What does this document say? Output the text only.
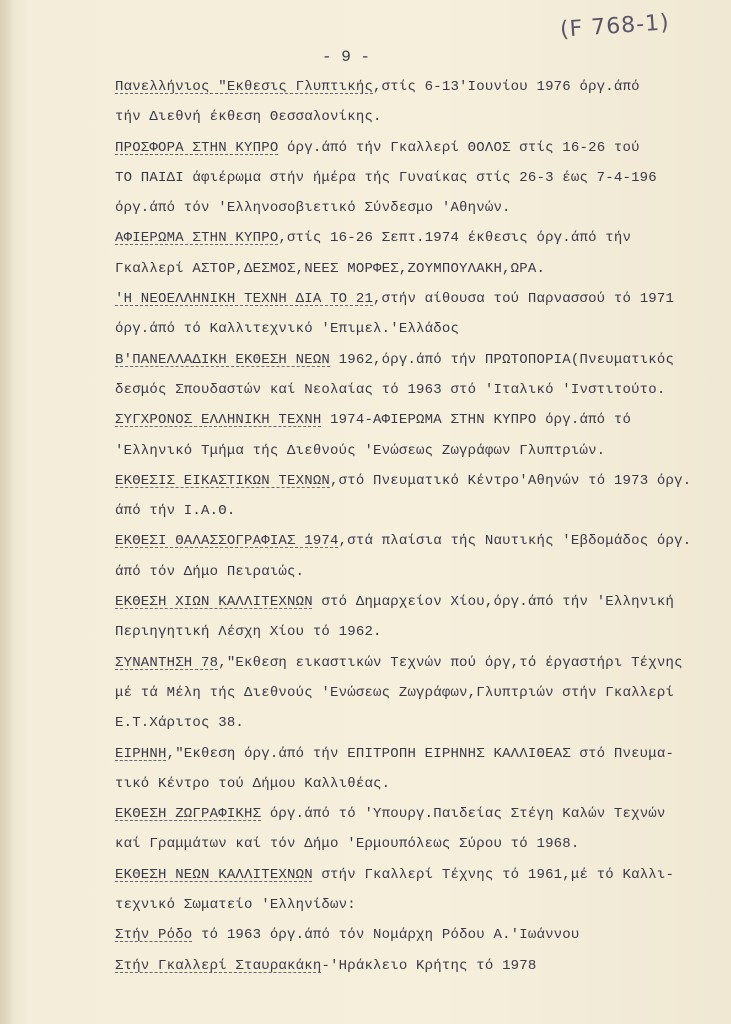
(F 768-1)
- 9 -
Πανελλήνιος "Εκθεσις Γλυπτικής,στίς 6-13'Ιουνίου 1976 όργ.άπό
τήν Διεθνή έκθεση Θεσσαλονίκης.
ΠΡΟΣΦΟΡΑ ΣΤΗΝ ΚΥΠΡΟ όργ.άπό τήν Γκαλλερί ΘΟΛΟΣ στίς 16-26 τού
ΤΟ ΠΑΙΔΙ άφιέρωμα στήν ήμέρα τής Γυναίκας στίς 26-3 έως 7-4-196
όργ.άπό τόν 'Ελληνοσοβιετικό Σύνδεσμο 'Αθηνών.
ΑΦΙΕΡΩΜΑ ΣΤΗΝ ΚΥΠΡΟ,στίς 16-26 Σεπτ.1974 έκθεσις όργ.άπό τήν
Γκαλλερί ΑΣΤΟΡ,ΔΕΣΜΟΣ,ΝΕΕΣ ΜΟΡΦΕΣ,ΖΟΥΜΠΟΥΛΑΚΗ,ΩΡΑ.
'Η ΝΕΟΕΛΛΗΝΙΚΗ ΤΕΧΝΗ ΔΙΑ ΤΟ 21,στήν αίθουσα τού Παρνασσού τό 1971
όργ.άπό τό Καλλιτεχνικό 'Επιμελ.'Ελλάδος
Β'ΠΑΝΕΛΛΑΔΙΚΗ ΕΚΘΕΣΗ ΝΕΩΝ 1962,όργ.άπό τήν ΠΡΩΤΟΠΟΡΙΑ(Πνευματικός
δεσμός Σπουδαστών καί Νεολαίας τό 1963 στό 'Ιταλικό 'Ινστιτούτο.
ΣΥΓΧΡΟΝΟΣ ΕΛΛΗΝΙΚΗ ΤΕΧΝΗ 1974-ΑΦΙΕΡΩΜΑ ΣΤΗΝ ΚΥΠΡΟ όργ.άπό τό
'Ελληνικό Τμήμα τής Διεθνούς 'Ενώσεως Ζωγράφων Γλυπτριών.
ΕΚΘΕΣΙΣ ΕΙΚΑΣΤΙΚΩΝ ΤΕΧΝΩΝ,στό Πνευματικό Κέντρο'Αθηνών τό 1973 όργ.
άπό τήν Ι.Α.Θ.
ΕΚΘΕΣΙ ΘΑΛΑΣΣΟΓΡΑΦΙΑΣ 1974,στά πλαίσια τής Ναυτικής 'Εβδομάδος όργ.
άπό τόν Δήμο Πειραιώς.
ΕΚΘΕΣΗ ΧΙΩΝ ΚΑΛΛΙΤΕΧΝΩΝ στό Δημαρχείον Χίου,όργ.άπό τήν 'Ελληνική
Περιηγητική Λέσχη Χίου τό 1962.
ΣΥΝΑΝΤΗΣΗ 78,"Εκθεση εικαστικών Τεχνών πού όργ,τό έργαστήρι Τέχνης
μέ τά Μέλη τής Διεθνούς 'Ενώσεως Ζωγράφων,Γλυπτριών στήν Γκαλλερί
Ε.Τ.Χάριτος 38.
ΕΙΡΗΝΗ,"Εκθεση όργ.άπό τήν ΕΠΙΤΡΟΠΗ ΕΙΡΗΝΗΣ ΚΑΛΛΙΘΕΑΣ στό Πνευμα-
τικό Κέντρο τού Δήμου Καλλιθέας.
ΕΚΘΕΣΗ ΖΩΓΡΑΦΙΚΗΣ όργ.άπό τό 'Υπουργ.Παιδείας Στέγη Καλών Τεχνών
καί Γραμμάτων καί τόν Δήμο 'Ερμουπόλεως Σύρου τό 1968.
ΕΚΘΕΣΗ ΝΕΩΝ ΚΑΛΛΙΤΕΧΝΩΝ στήν Γκαλλερί Τέχνης τό 1961,μέ τό Καλλι-
τεχνικό Σωματείο 'Ελληνίδων:
Στήν Ρόδο τό 1963 όργ.άπό τόν Νομάρχη Ρόδου Α.'Ιωάννου
Στήν Γκαλλερί Σταυρακάκη-'Ηράκλειο Κρήτης τό 1978
